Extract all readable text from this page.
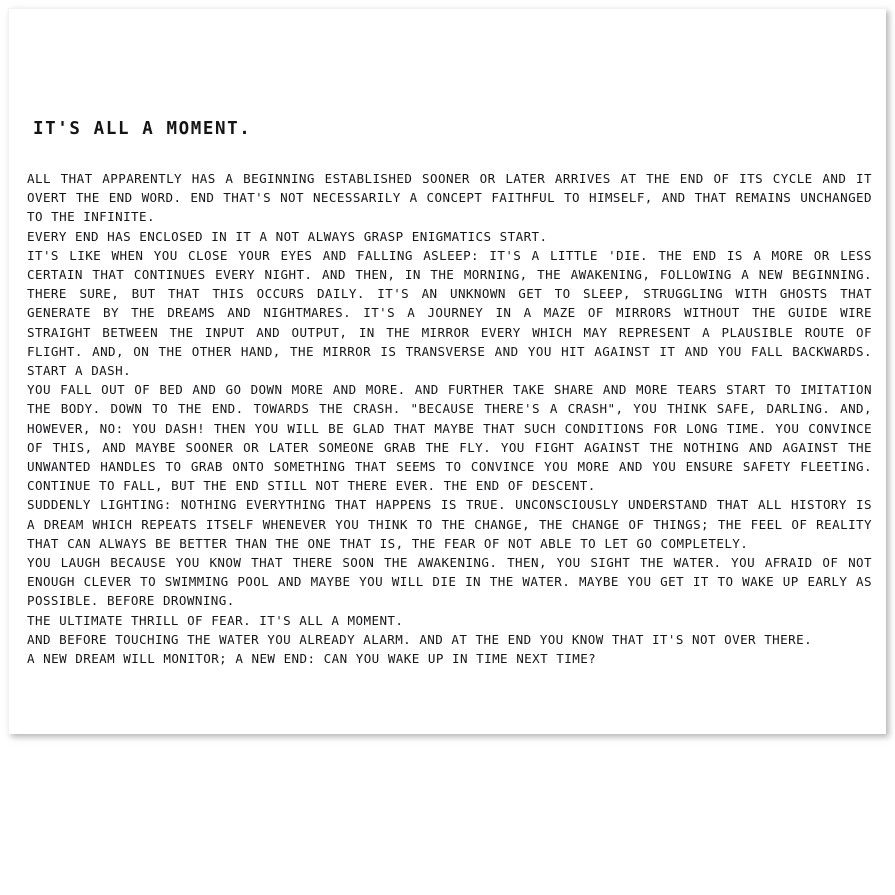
IT'S ALL A MOMENT.

ALL THAT APPARENTLY HAS A BEGINNING ESTABLISHED SOONER OR LATER ARRIVES AT THE END OF ITS CYCLE AND IT OVERT THE END WORD. END THAT'S NOT NECESSARILY A CONCEPT FAITHFUL TO HIMSELF, AND THAT REMAINS UNCHANGED TO THE INFINITE.

EVERY END HAS ENCLOSED IN IT A NOT ALWAYS GRASP ENIGMATICS START.

IT'S LIKE WHEN YOU CLOSE YOUR EYES AND FALLING ASLEEP: IT'S A LITTLE 'DIE. THE END IS A MORE OR LESS CERTAIN THAT CONTINUES EVERY NIGHT. AND THEN, IN THE MORNING, THE AWAKENING, FOLLOWING A NEW BEGINNING. THERE SURE, BUT THAT THIS OCCURS DAILY. IT'S AN UNKNOWN GET TO SLEEP, STRUGGLING WITH GHOSTS THAT GENERATE BY THE DREAMS AND NIGHTMARES. IT'S A JOURNEY IN A MAZE OF MIRRORS WITHOUT THE GUIDE WIRE STRAIGHT BETWEEN THE INPUT AND OUTPUT, IN THE MIRROR EVERY WHICH MAY REPRESENT A PLAUSIBLE ROUTE OF FLIGHT. AND, ON THE OTHER HAND, THE MIRROR IS TRANSVERSE AND YOU HIT AGAINST IT AND YOU FALL BACKWARDS. START A DASH.

YOU FALL OUT OF BED AND GO DOWN MORE AND MORE. AND FURTHER TAKE SHARE AND MORE TEARS START TO IMITATION THE BODY. DOWN TO THE END. TOWARDS THE CRASH. "BECAUSE THERE'S A CRASH", YOU THINK SAFE, DARLING. AND, HOWEVER, NO: YOU DASH! THEN YOU WILL BE GLAD THAT MAYBE THAT SUCH CONDITIONS FOR LONG TIME. YOU CONVINCE OF THIS, AND MAYBE SOONER OR LATER SOMEONE GRAB THE FLY. YOU FIGHT AGAINST THE NOTHING AND AGAINST THE UNWANTED HANDLES TO GRAB ONTO SOMETHING THAT SEEMS TO CONVINCE YOU MORE AND YOU ENSURE SAFETY FLEETING. CONTINUE TO FALL, BUT THE END STILL NOT THERE EVER. THE END OF DESCENT.

SUDDENLY LIGHTING: NOTHING EVERYTHING THAT HAPPENS IS TRUE. UNCONSCIOUSLY UNDERSTAND THAT ALL HISTORY IS A DREAM WHICH REPEATS ITSELF WHENEVER YOU THINK TO THE CHANGE, THE CHANGE OF THINGS; THE FEEL OF REALITY THAT CAN ALWAYS BE BETTER THAN THE ONE THAT IS, THE FEAR OF NOT ABLE TO LET GO COMPLETELY.

YOU LAUGH BECAUSE YOU KNOW THAT THERE SOON THE AWAKENING. THEN, YOU SIGHT THE WATER. YOU AFRAID OF NOT ENOUGH CLEVER TO SWIMMING POOL AND MAYBE YOU WILL DIE IN THE WATER. MAYBE YOU GET IT TO WAKE UP EARLY AS POSSIBLE. BEFORE DROWNING.

THE ULTIMATE THRILL OF FEAR. IT'S ALL A MOMENT.

AND BEFORE TOUCHING THE WATER YOU ALREADY ALARM. AND AT THE END YOU KNOW THAT IT'S NOT OVER THERE.

A NEW DREAM WILL MONITOR; A NEW END: CAN YOU WAKE UP IN TIME NEXT TIME?
